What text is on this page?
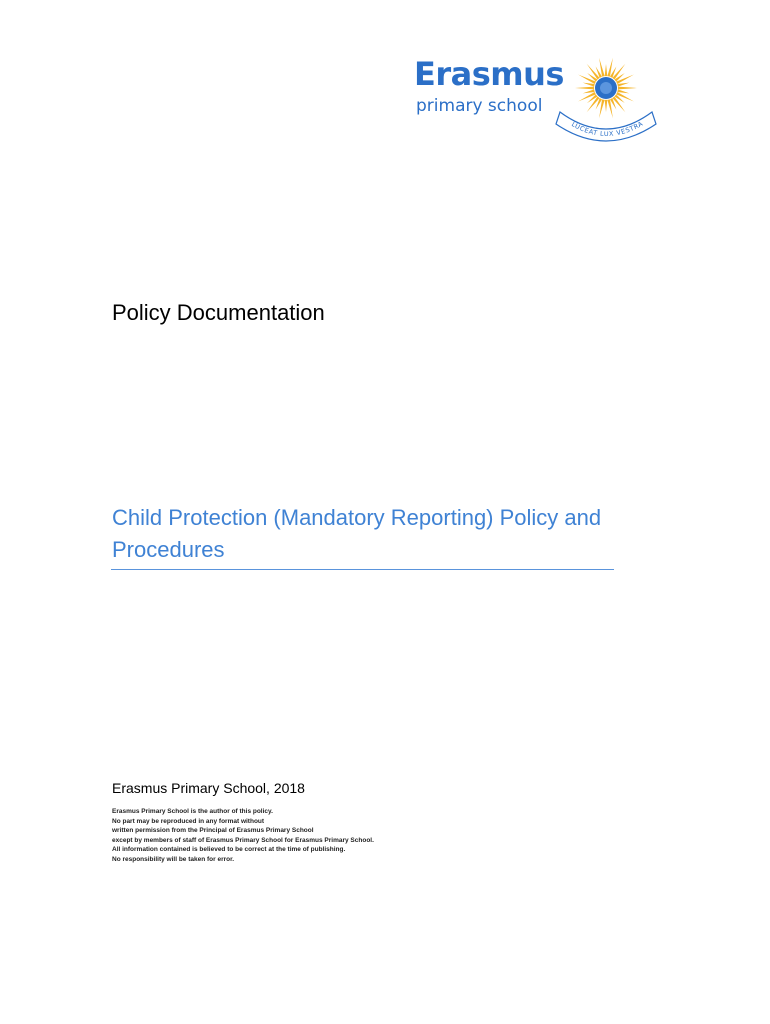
Erasmus
primary school
LUCEAT LUX VESTRA
Policy Documentation
Child Protection (Mandatory Reporting) Policy and Procedures
Erasmus Primary School, 2018
Erasmus Primary School is the author of this policy.
No part may be reproduced in any format without
written permission from the Principal of Erasmus Primary School
except by members of staff of Erasmus Primary School for Erasmus Primary School.
All information contained is believed to be correct at the time of publishing.
No responsibility will be taken for error.
